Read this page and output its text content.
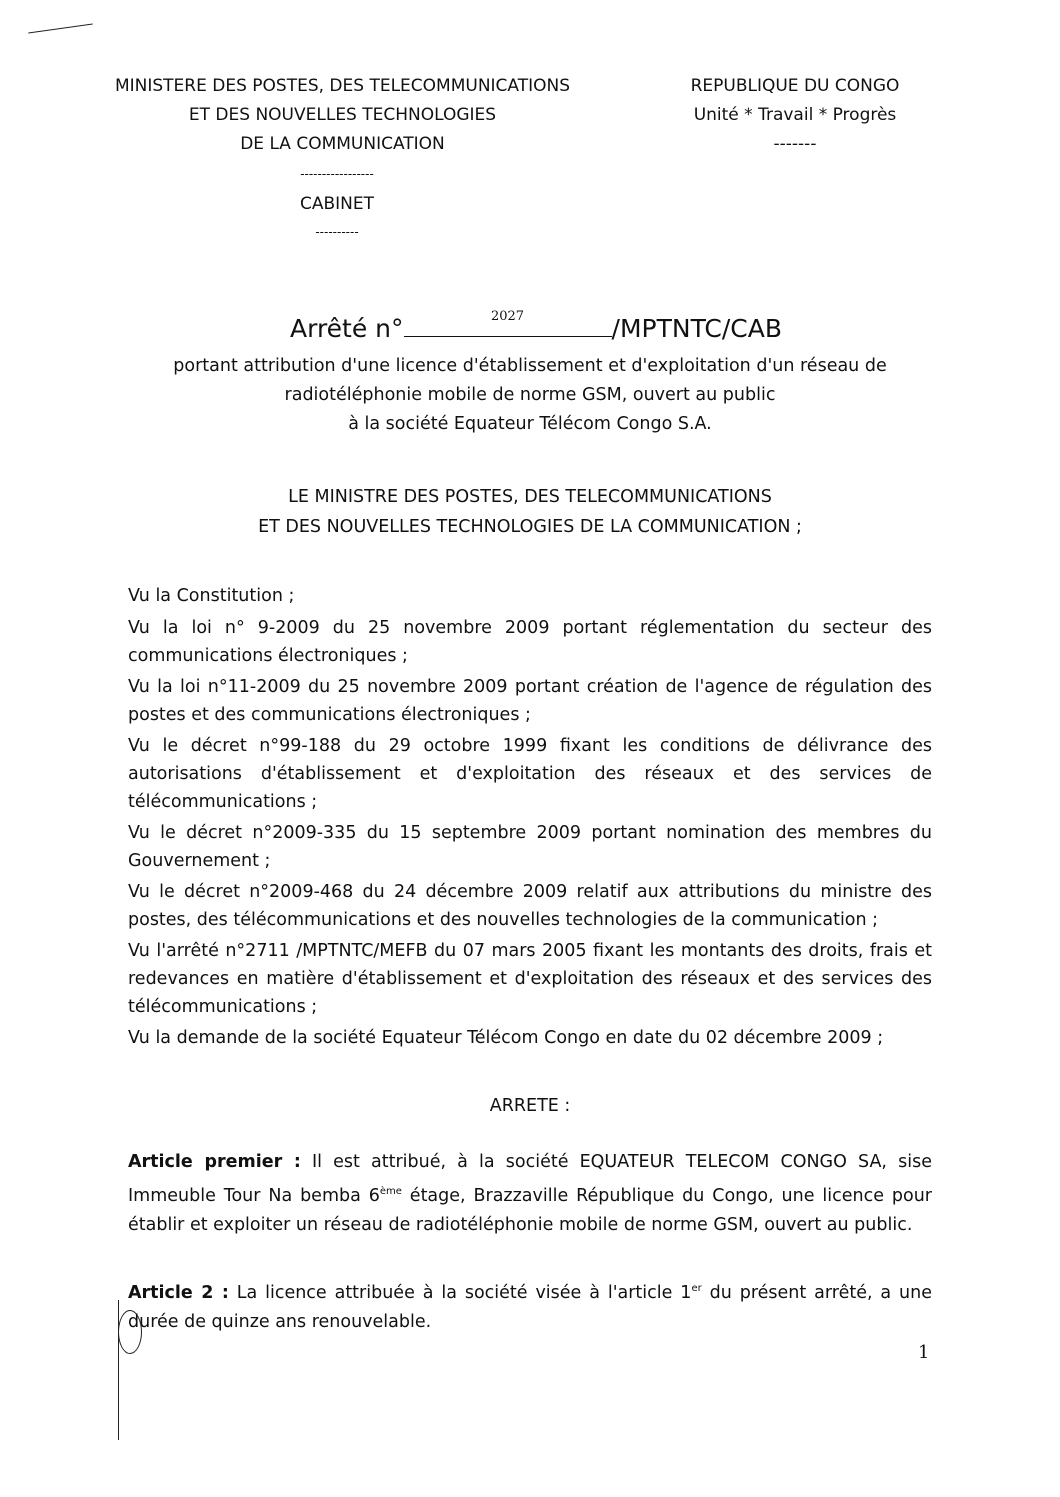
MINISTERE DES POSTES, DES TELECOMMUNICATIONS
ET DES NOUVELLES TECHNOLOGIES
DE LA COMMUNICATION
-----------------
CABINET
----------
REPUBLIQUE DU CONGO
Unité * Travail * Progrès
-------
Arrêté n°	2027	/MPTNTC/CAB
portant attribution d'une licence d'établissement et d'exploitation d'un réseau de
radiotéléphonie mobile de norme GSM, ouvert au public
à la société Equateur Télécom Congo S.A.
LE MINISTRE DES POSTES, DES TELECOMMUNICATIONS
ET DES NOUVELLES TECHNOLOGIES DE LA COMMUNICATION ;
Vu la Constitution ;
Vu la loi n° 9-2009 du 25 novembre 2009 portant réglementation du secteur des communications électroniques ;
Vu la loi n°11-2009 du 25 novembre 2009 portant création de l'agence de régulation des postes et des communications électroniques ;
Vu le décret n°99-188 du 29 octobre 1999 fixant les conditions de délivrance des autorisations d'établissement et d'exploitation des réseaux et des services de télécommunications ;
Vu le décret n°2009-335 du 15 septembre 2009 portant nomination des membres du Gouvernement ;
Vu le décret n°2009-468 du 24 décembre 2009 relatif aux attributions du ministre des postes, des télécommunications et des nouvelles technologies de la communication ;
Vu l'arrêté n°2711 /MPTNTC/MEFB du 07 mars 2005 fixant les montants des droits, frais et redevances en matière d'établissement et d'exploitation des réseaux et des services des télécommunications ;
Vu la demande de la société Equateur Télécom Congo en date du 02 décembre 2009 ;
ARRETE :
Article premier : Il est attribué, à la société EQUATEUR TELECOM CONGO SA, sise Immeuble Tour Na bemba 6ème étage, Brazzaville République du Congo, une licence pour établir et exploiter un réseau de radiotéléphonie mobile de norme GSM, ouvert au public.
Article 2 : La licence attribuée à la société visée à l'article 1er du présent arrêté, a une durée de quinze ans renouvelable.
1
